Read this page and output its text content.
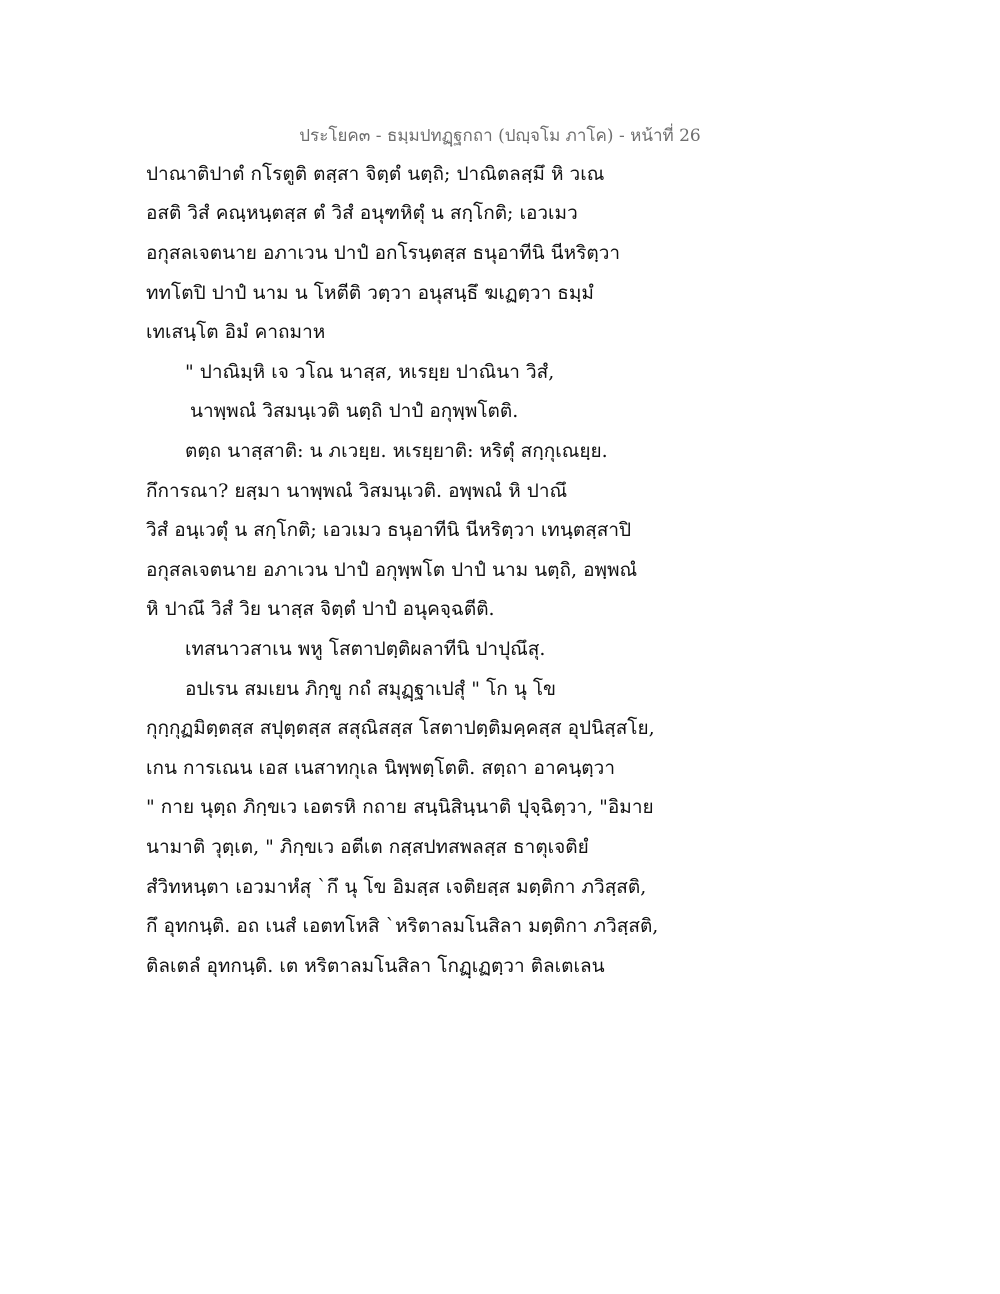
ประโยค๓ - ธมฺมปทฏฺฐกถา (ปญฺจโม ภาโค) - หน้าที่ 26
ปาณาติปาตํ กโรตูติ ตสฺสา จิตฺตํ นตฺถิ; ปาณิตลสฺมึ หิ วเณ
อสติ วิสํ คณฺหนฺตสฺส ตํ วิสํ อนุฑหิตุํ น สกฺโกติ; เอวเมว
อกุสลเจตนาย อภาเวน ปาปํ อกโรนฺตสฺส ธนุอาทีนิ นีหริตฺวา
ททโตปิ ปาปํ นาม น โหตีติ วตฺวา อนุสนฺธึ ฆเฏตฺวา ธมฺมํ
เทเสนฺโต อิมํ คาถมาห
" ปาณิมฺหิ เจ วโณ นาสฺส, หเรยฺย ปาณินา วิสํ,
นาพฺพณํ วิสมนฺเวติ นตฺถิ ปาปํ อกุพฺพโตติ.
ตตฺถ นาสฺสาติ: น ภเวยฺย. หเรยฺยาติ: หริตุํ สกฺกุเณยฺย.
กึการณา? ยสฺมา นาพฺพณํ วิสมนฺเวติ. อพฺพณํ หิ ปาณึ
วิสํ อนฺเวตุํ น สกฺโกติ; เอวเมว ธนุอาทีนิ นีหริตฺวา เทนฺตสฺสาปิ
อกุสลเจตนาย อภาเวน ปาปํ อกุพฺพโต ปาปํ นาม นตฺถิ, อพฺพณํ
หิ ปาณึ วิสํ วิย นาสฺส จิตฺตํ ปาปํ อนุคจฺฉตีติ.
เทสนาวสาเน พหู โสตาปตฺติผลาทีนิ ปาปุณึสุ.
อปเรน สมเยน ภิกฺขู กถํ สมุฏฺฐาเปสุํ " โก นุ โข
กุกฺกุฏมิตฺตสฺส สปุตฺตสฺส สสุณิสสฺส โสตาปตฺติมคฺคสฺส อุปนิสฺสโย,
เกน การเณน เอส เนสาทกุเล นิพฺพตฺโตติ. สตฺถา อาคนฺตฺวา
" กาย นุตฺถ ภิกฺขเว เอตรหิ กถาย สนฺนิสินฺนาติ ปุจฺฉิตฺวา, "อิมาย
นามาติ วุตฺเต, " ภิกฺขเว อตีเต กสฺสปทสพลสฺส ธาตุเจติยํ
สํวิทหนฺตา เอวมาหํสุ `กึ นุ โข อิมสฺส เจติยสฺส มตฺติกา ภวิสฺสติ,
กึ อุทกนฺติ. อถ เนสํ เอตทโหสิ `หริตาลมโนสิลา มตฺติกา ภวิสฺสติ,
ติลเตลํ อุทกนฺติ. เต หริตาลมโนสิลา โกฏฺเฏตฺวา ติลเตเลน
